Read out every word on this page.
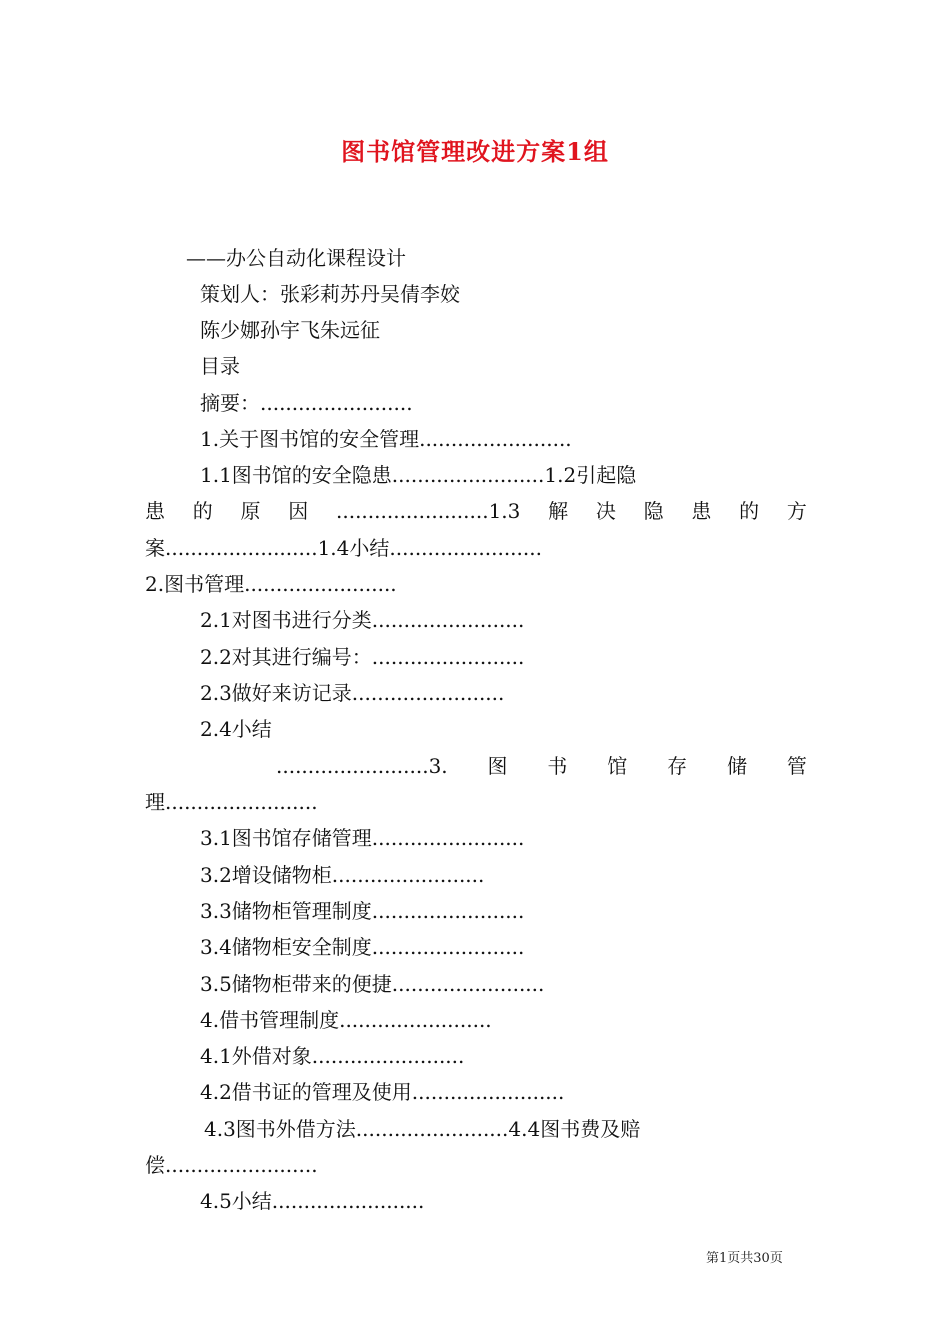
图书馆管理改进方案1组
——办公自动化课程设计
策划人：张彩莉苏丹吴倩李姣
陈少娜孙宇飞朱远征
目录
摘要：........................
1.关于图书馆的安全管理........................
1.1图书馆的安全隐患........................1.2引起隐
患 的 原 因 ........................1.3 解 决 隐 患 的 方
案........................1.4小结........................
2.图书管理........................
2.1对图书进行分类........................
2.2对其进行编号：........................
2.3做好来访记录........................
2.4小结
........................3. 图 书 馆 存 储 管
理........................
3.1图书馆存储管理........................
3.2增设储物柜........................
3.3储物柜管理制度........................
3.4储物柜安全制度........................
3.5储物柜带来的便捷........................
4.借书管理制度........................
4.1外借对象........................
4.2借书证的管理及使用........................
4.3图书外借方法........................4.4图书费及赔
偿........................
4.5小结........................
第1页共30页
